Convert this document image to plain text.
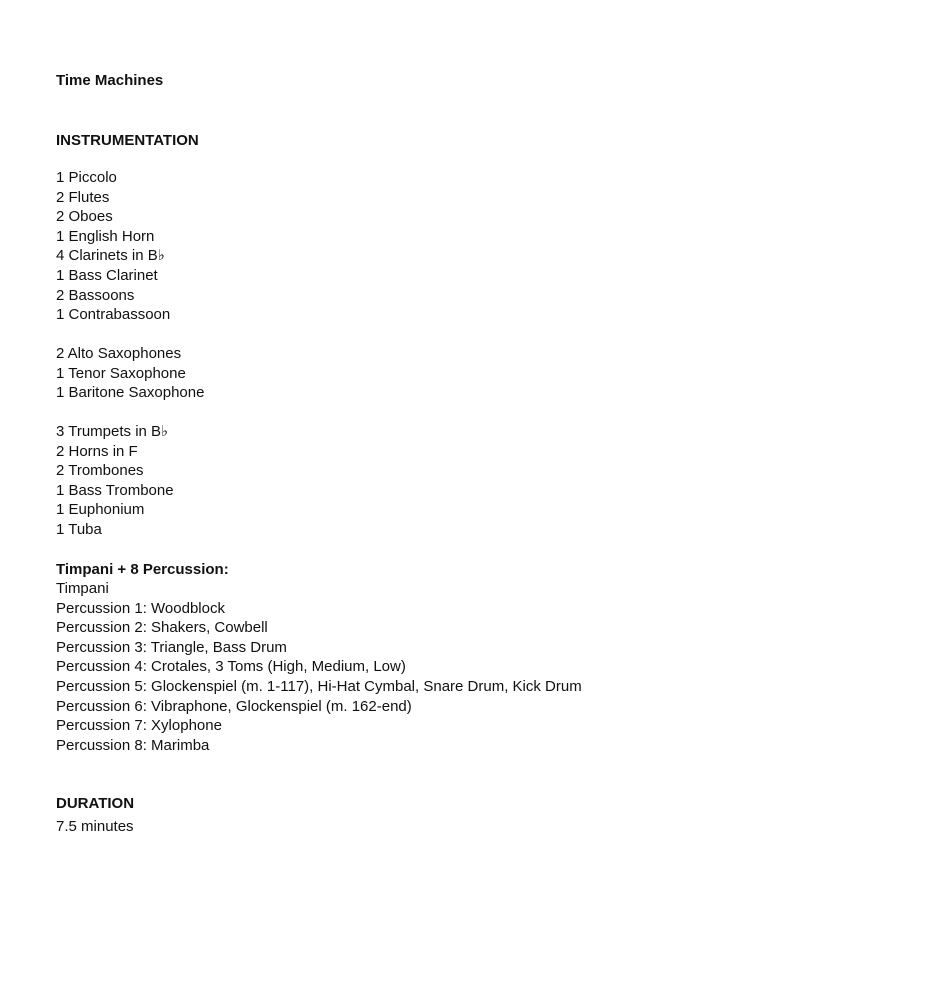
Time Machines
INSTRUMENTATION
1 Piccolo
2 Flutes
2 Oboes
1 English Horn
4 Clarinets in B♭
1 Bass Clarinet
2 Bassoons
1 Contrabassoon
2 Alto Saxophones
1 Tenor Saxophone
1 Baritone Saxophone
3 Trumpets in B♭
2 Horns in F
2 Trombones
1 Bass Trombone
1 Euphonium
1 Tuba
Timpani + 8 Percussion:
Timpani
Percussion 1: Woodblock
Percussion 2: Shakers, Cowbell
Percussion 3: Triangle, Bass Drum
Percussion 4: Crotales, 3 Toms (High, Medium, Low)
Percussion 5: Glockenspiel (m. 1-117), Hi-Hat Cymbal, Snare Drum, Kick Drum
Percussion 6: Vibraphone, Glockenspiel (m. 162-end)
Percussion 7: Xylophone
Percussion 8: Marimba
DURATION
7.5 minutes
